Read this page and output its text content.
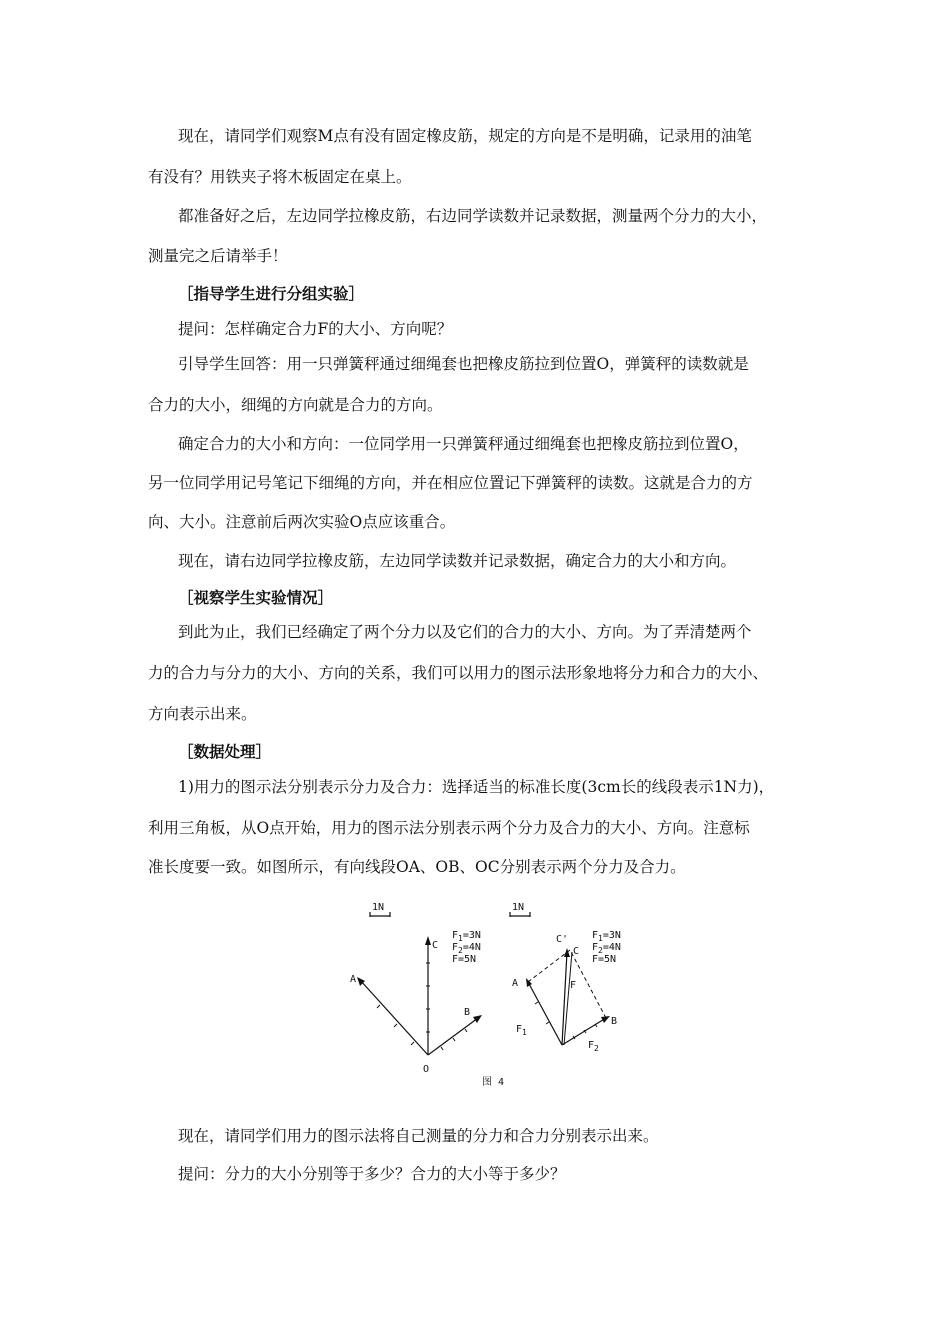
现在，请同学们观察M点有没有固定橡皮筋，规定的方向是不是明确，记录用的油笔
有没有？用铁夹子将木板固定在桌上。
都准备好之后，左边同学拉橡皮筋，右边同学读数并记录数据，测量两个分力的大小，
测量完之后请举手！
［指导学生进行分组实验］
提问：怎样确定合力F的大小、方向呢？
引导学生回答：用一只弹簧秤通过细绳套也把橡皮筋拉到位置O，弹簧秤的读数就是
合力的大小，细绳的方向就是合力的方向。
确定合力的大小和方向：一位同学用一只弹簧秤通过细绳套也把橡皮筋拉到位置O，
另一位同学用记号笔记下细绳的方向，并在相应位置记下弹簧秤的读数。这就是合力的方
向、大小。注意前后两次实验O点应该重合。
现在，请右边同学拉橡皮筋，左边同学读数并记录数据，确定合力的大小和方向。
［视察学生实验情况］
到此为止，我们已经确定了两个分力以及它们的合力的大小、方向。为了弄清楚两个
力的合力与分力的大小、方向的关系，我们可以用力的图示法形象地将分力和合力的大小、
方向表示出来。
［数据处理］
1)用力的图示法分别表示分力及合力：选择适当的标准长度(3cm长的线段表示1N力)，
利用三角板，从O点开始，用力的图示法分别表示两个分力及合力的大小、方向。注意标
准长度要一致。如图所示，有向线段OA、OB、OC分别表示两个分力及合力。
1N
C
A
B
O
$F_1=3N$
$F_2=4N$
F=5N
1N
C'
C
A
B
F
$F_1$
$F_2$
$F_1=3N$
$F_2=4N$
F=5N
图 4
现在，请同学们用力的图示法将自己测量的分力和合力分别表示出来。
提问：分力的大小分别等于多少？合力的大小等于多少？
